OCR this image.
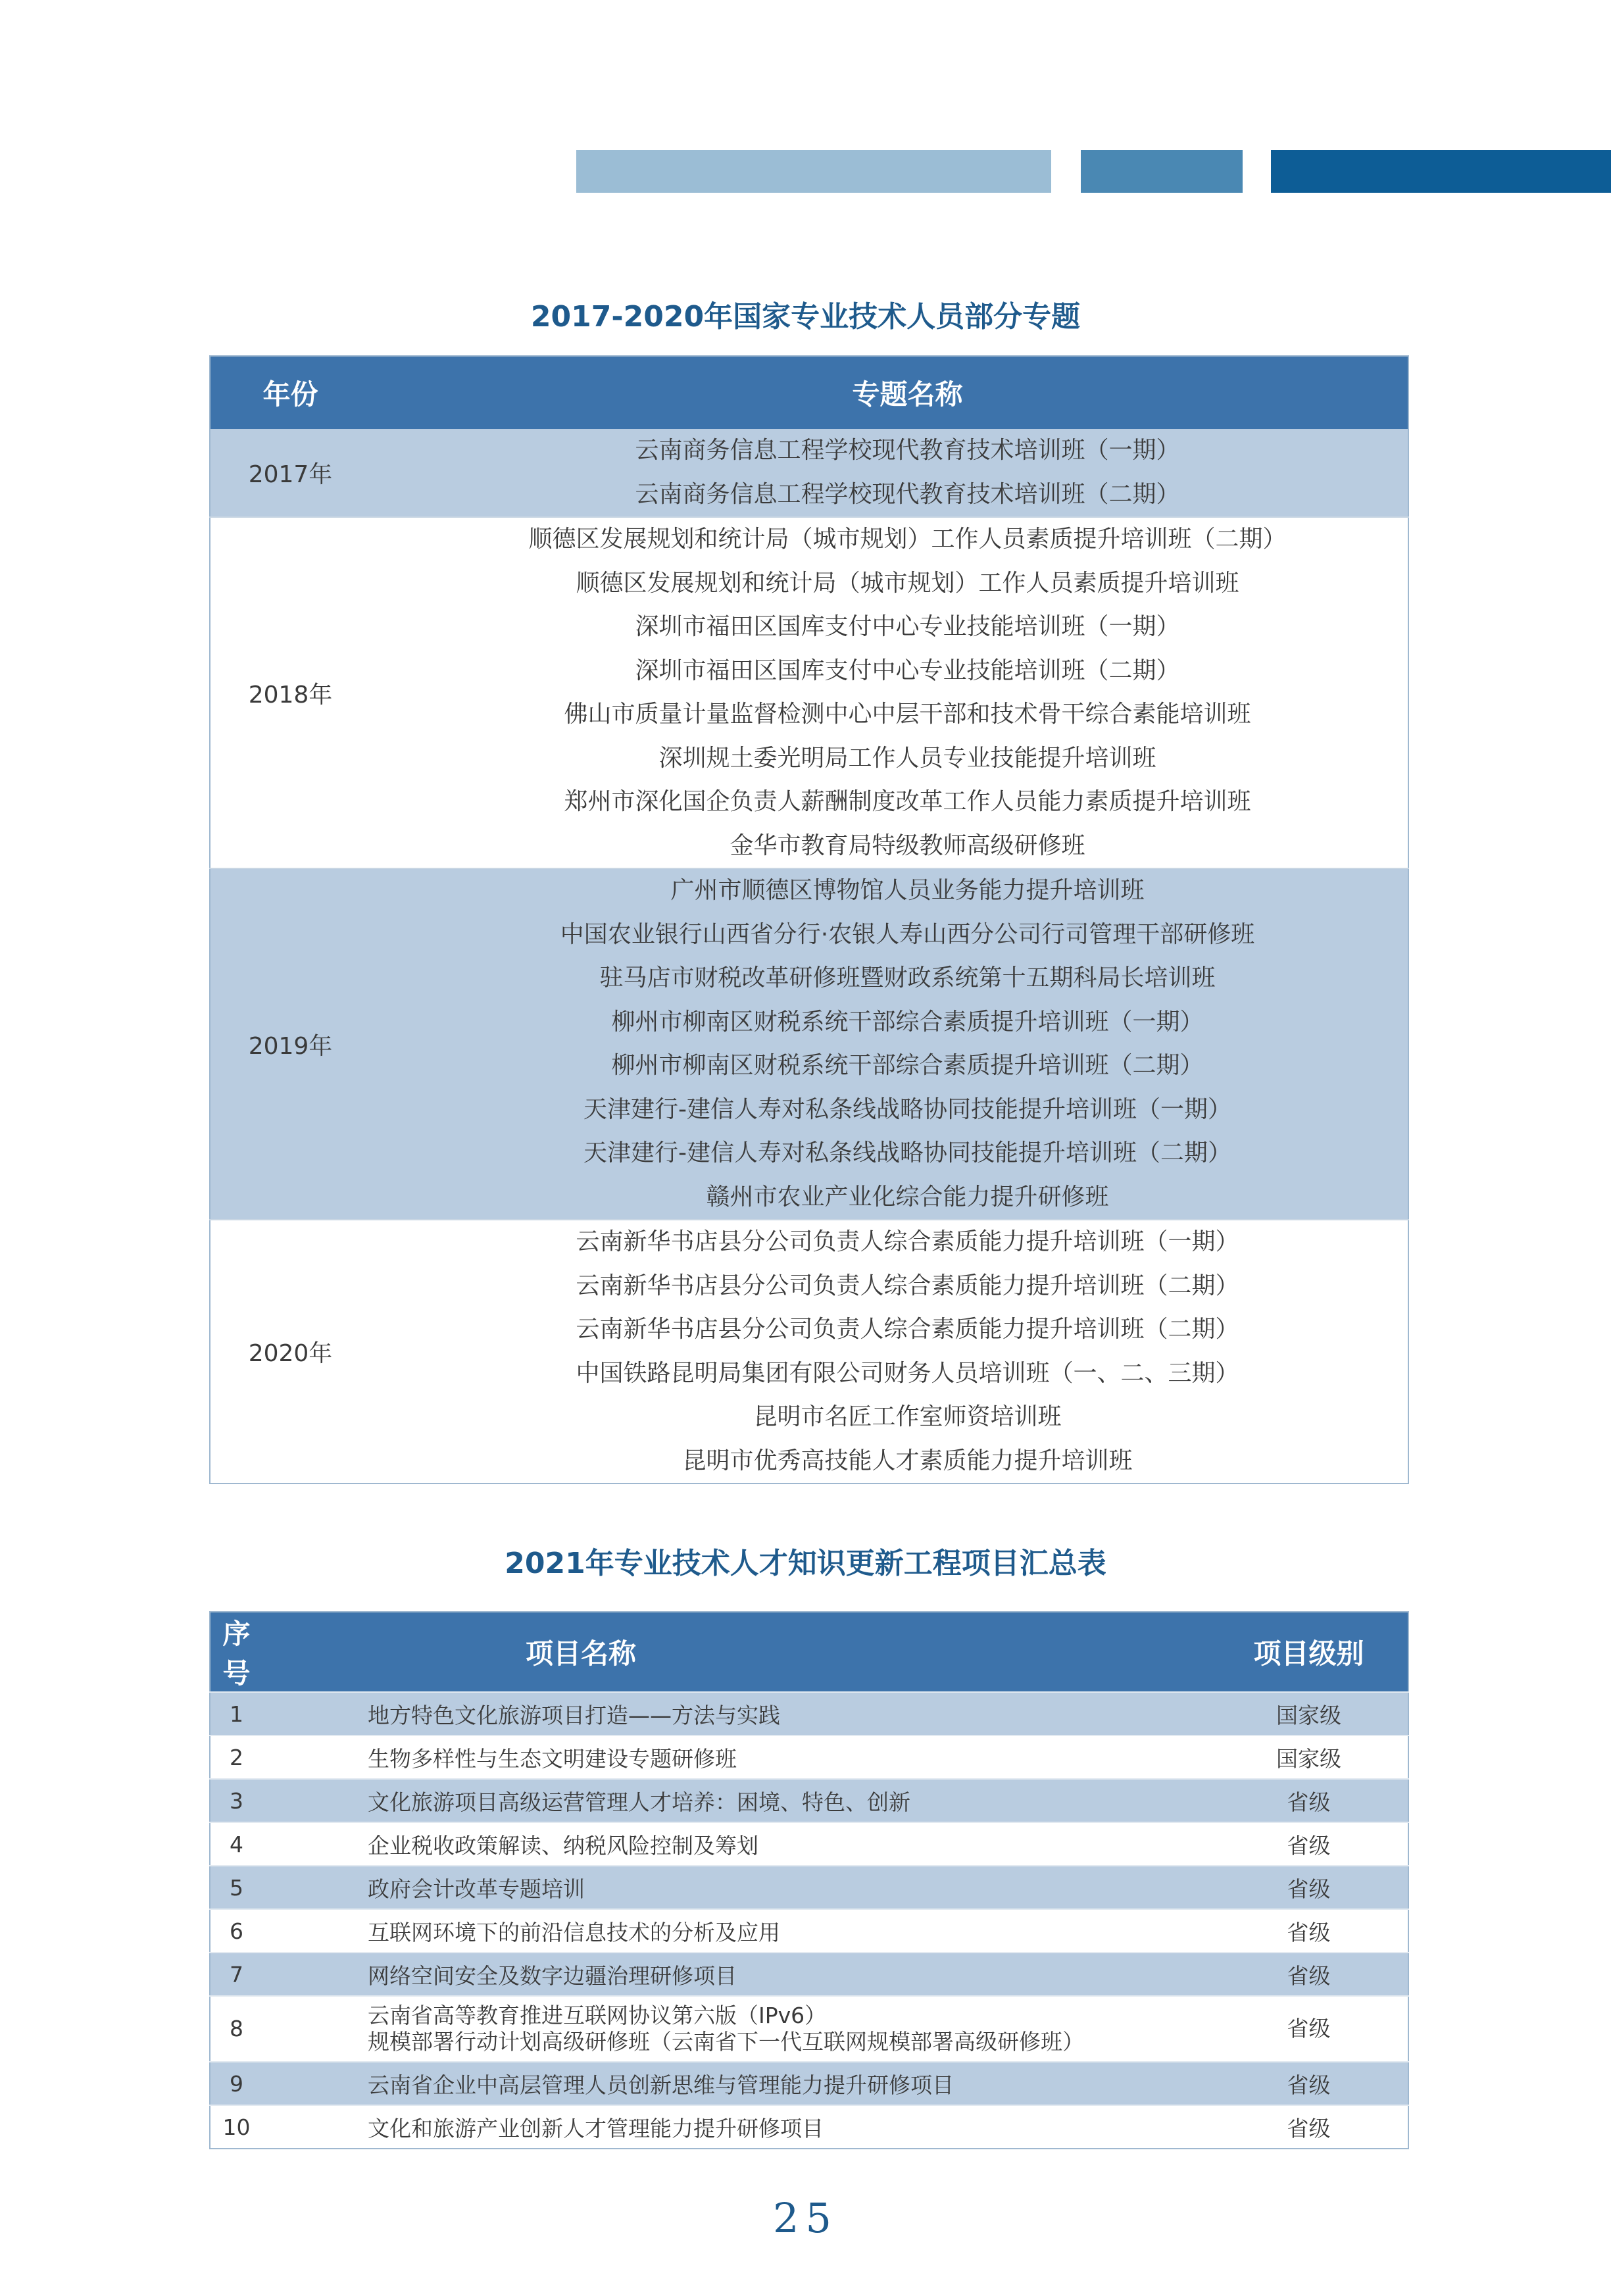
2017-2020年国家专业技术人员部分专题
年份	专题名称
2017年	云南商务信息工程学校现代教育技术培训班（一期）

	云南商务信息工程学校现代教育技术培训班（二期）

2018年	顺德区发展规划和统计局（城市规划）工作人员素质提升培训班（二期）

	顺德区发展规划和统计局（城市规划）工作人员素质提升培训班

	深圳市福田区国库支付中心专业技能培训班（一期）

	深圳市福田区国库支付中心专业技能培训班（二期）

	佛山市质量计量监督检测中心中层干部和技术骨干综合素能培训班

	深圳规土委光明局工作人员专业技能提升培训班

	郑州市深化国企负责人薪酬制度改革工作人员能力素质提升培训班

	金华市教育局特级教师高级研修班

2019年	广州市顺德区博物馆人员业务能力提升培训班

	中国农业银行山西省分行·农银人寿山西分公司行司管理干部研修班

	驻马店市财税改革研修班暨财政系统第十五期科局长培训班

	柳州市柳南区财税系统干部综合素质提升培训班（一期）

	柳州市柳南区财税系统干部综合素质提升培训班（二期）

	天津建行-建信人寿对私条线战略协同技能提升培训班（一期）

	天津建行-建信人寿对私条线战略协同技能提升培训班（二期）

	赣州市农业产业化综合能力提升研修班

2020年	云南新华书店县分公司负责人综合素质能力提升培训班（一期）

	云南新华书店县分公司负责人综合素质能力提升培训班（二期）

	云南新华书店县分公司负责人综合素质能力提升培训班（二期）

	中国铁路昆明局集团有限公司财务人员培训班（一、二、三期）

	昆明市名匠工作室师资培训班

	昆明市优秀高技能人才素质能力提升培训班
2021年专业技术人才知识更新工程项目汇总表
序号	项目名称	项目级别
1	地方特色文化旅游项目打造——方法与实践	国家级
2	生物多样性与生态文明建设专题研修班	国家级
3	文化旅游项目高级运营管理人才培养：困境、特色、创新	省级
4	企业税收政策解读、纳税风险控制及筹划	省级
5	政府会计改革专题培训	省级
6	互联网环境下的前沿信息技术的分析及应用	省级
7	网络空间安全及数字边疆治理研修项目	省级
8	云南省高等教育推进互联网协议第六版（IPv6）
规模部署行动计划高级研修班（云南省下一代互联网规模部署高级研修班）	省级
9	云南省企业中高层管理人员创新思维与管理能力提升研修项目	省级
10	文化和旅游产业创新人才管理能力提升研修项目	省级
25
